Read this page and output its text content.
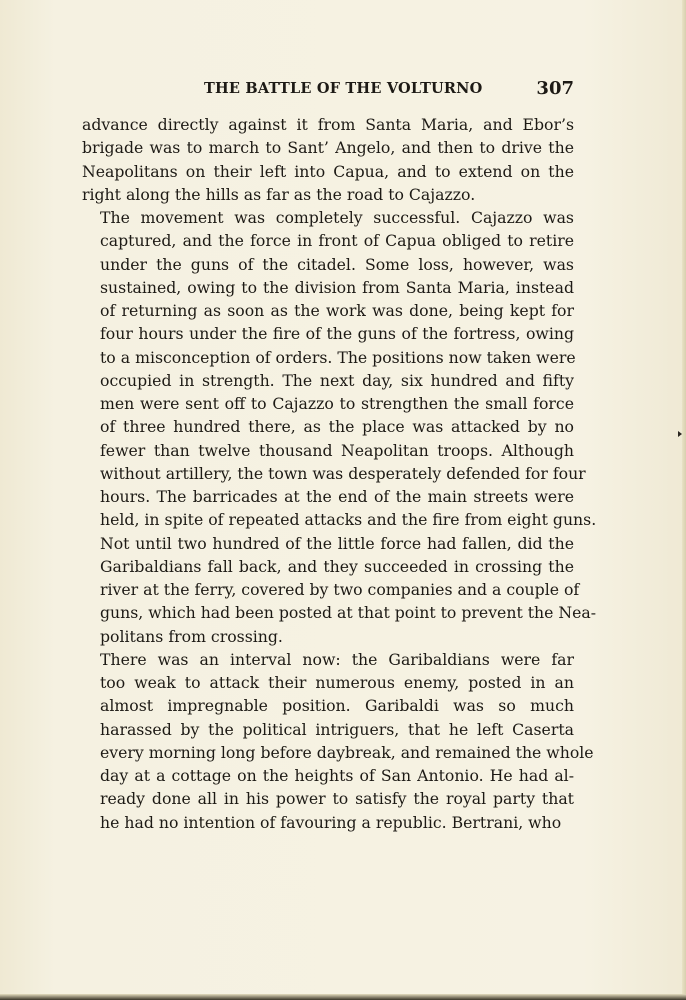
THE BATTLE OF THE VOLTURNO	307
advance directly against it from Santa Maria, and Ebor’s
brigade was to march to Sant’ Angelo, and then to drive the
Neapolitans on their left into Capua, and to extend on the
right along the hills as far as the road to Cajazzo.
The movement was completely successful. Cajazzo was
captured, and the force in front of Capua obliged to retire
under the guns of the citadel. Some loss, however, was
sustained, owing to the division from Santa Maria, instead
of returning as soon as the work was done, being kept for
four hours under the fire of the guns of the fortress, owing
to a misconception of orders. The positions now taken were
occupied in strength. The next day, six hundred and fifty
men were sent off to Cajazzo to strengthen the small force
of three hundred there, as the place was attacked by no
fewer than twelve thousand Neapolitan troops. Although
without artillery, the town was desperately defended for four
hours. The barricades at the end of the main streets were
held, in spite of repeated attacks and the fire from eight guns.
Not until two hundred of the little force had fallen, did the
Garibaldians fall back, and they succeeded in crossing the
river at the ferry, covered by two companies and a couple of
guns, which had been posted at that point to prevent the Nea-
politans from crossing.
There was an interval now: the Garibaldians were far
too weak to attack their numerous enemy, posted in an
almost impregnable position. Garibaldi was so much
harassed by the political intriguers, that he left Caserta
every morning long before daybreak, and remained the whole
day at a cottage on the heights of San Antonio. He had al-
ready done all in his power to satisfy the royal party that
he had no intention of favouring a republic. Bertrani, who
